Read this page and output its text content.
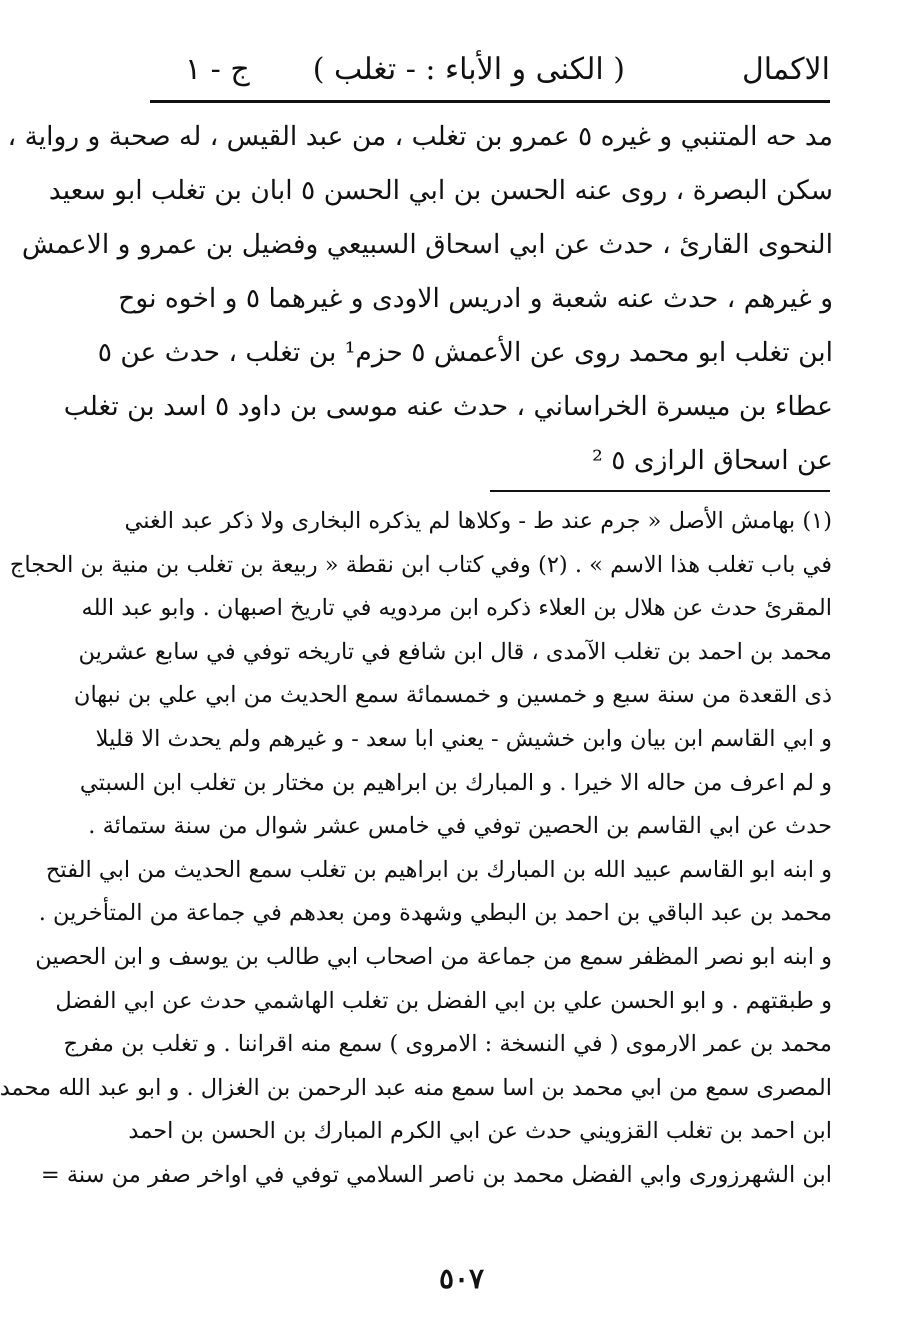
الاكمال
( الكنى و الأباء : - تغلب )
ج - ١
مد حه المتنبي و غيره ٥ عمرو بن تغلب ، من عبد القيس ، له صحبة و رواية ،
سكن البصرة ، روى عنه الحسن بن ابي الحسن ٥ ابان بن تغلب ابو سعيد
النحوى القارئ ، حدث عن ابي اسحاق السبيعي وفضيل بن عمرو و الاعمش
و غيرهم ، حدث عنه شعبة و ادريس الاودى و غيرهما ٥ و اخوه نوح
ابن تغلب ابو محمد روى عن الأعمش ٥ حزم¹ بن تغلب ، حدث عن ٥
عطاء بن ميسرة الخراساني ، حدث عنه موسى بن داود ٥ اسد بن تغلب
عن اسحاق الرازى ٥ ²
(١) بهامش الأصل « جرم عند ط - وكلاها لم يذكره البخارى ولا ذكر عبد الغني
في باب تغلب هذا الاسم » . (٢) وفي كتاب ابن نقطة « ربيعة بن تغلب بن منية بن الحجاج
المقرئ حدث عن هلال بن العلاء ذكره ابن مردويه في تاريخ اصبهان . وابو عبد الله
محمد بن احمد بن تغلب الآمدى ، قال ابن شافع في تاريخه توفي في سابع عشرين
ذى القعدة من سنة سبع و خمسين و خمسمائة سمع الحديث من ابي علي بن نبهان
و ابي القاسم ابن بيان وابن خشيش - يعني ابا سعد - و غيرهم ولم يحدث الا قليلا
و لم اعرف من حاله الا خيرا . و المبارك بن ابراهيم بن مختار بن تغلب ابن السبتي
حدث عن ابي القاسم بن الحصين توفي في خامس عشر شوال من سنة ستمائة .
و ابنه ابو القاسم عبيد الله بن المبارك بن ابراهيم بن تغلب سمع الحديث من ابي الفتح
محمد بن عبد الباقي بن احمد بن البطي وشهدة ومن بعدهم في جماعة من المتأخرين .
و ابنه ابو نصر المظفر سمع من جماعة من اصحاب ابي طالب بن يوسف و ابن الحصين
و طبقتهم . و ابو الحسن علي بن ابي الفضل بن تغلب الهاشمي حدث عن ابي الفضل
محمد بن عمر الارموى ( في النسخة : الامروى ) سمع منه اقراننا . و تغلب بن مفرج
المصرى سمع من ابي محمد بن اسا سمع منه عبد الرحمن بن الغزال . و ابو عبد الله محمد
ابن احمد بن تغلب القزويني حدث عن ابي الكرم المبارك بن الحسن بن احمد
ابن الشهرزورى وابي الفضل محمد بن ناصر السلامي توفي في اواخر صفر من سنة =
٥٠٧
